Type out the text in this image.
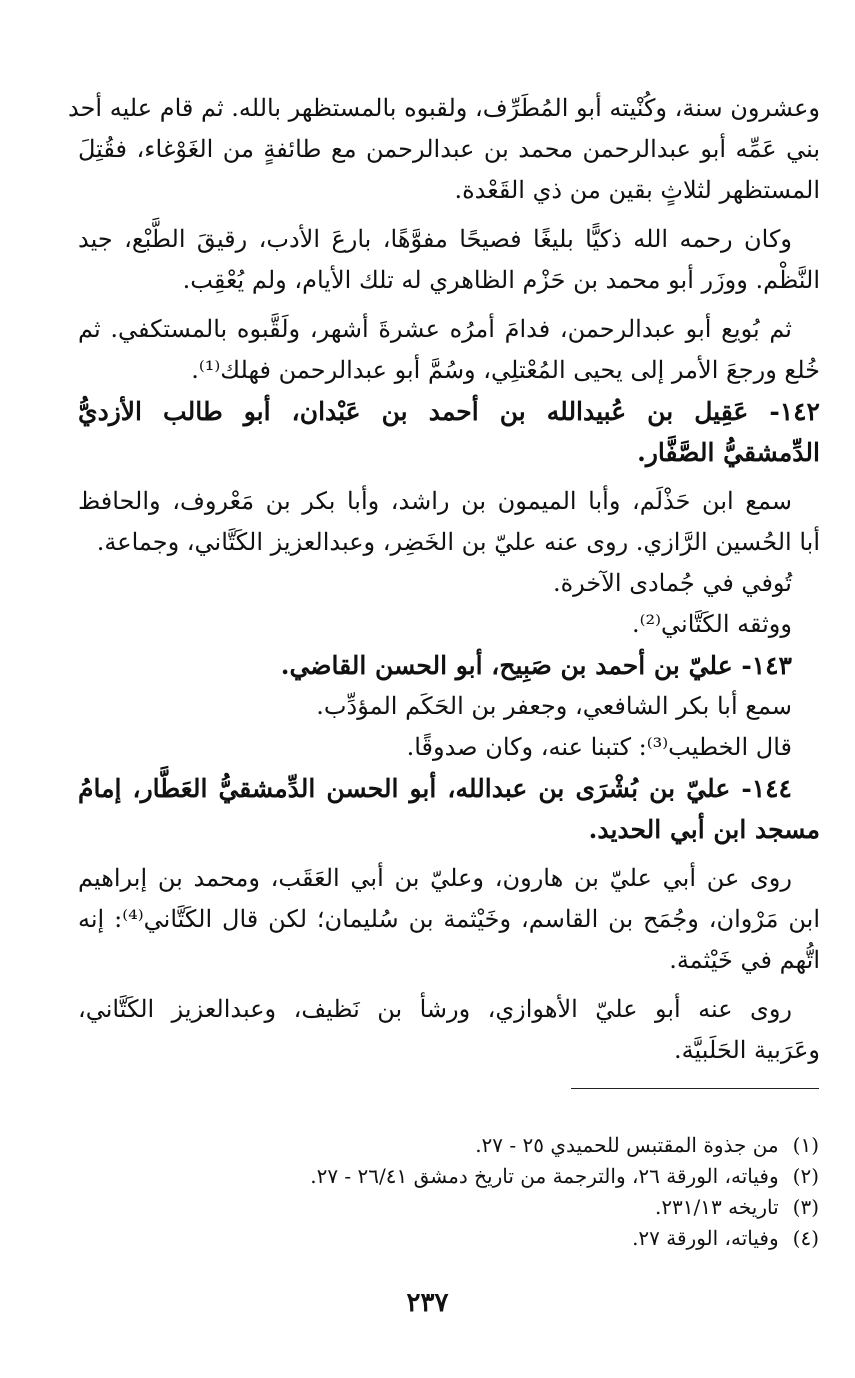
وعشرون سنة، وكُنْيته أبو المُطَرِّف، ولقبوه بالمستظهر بالله. ثم قام عليه أحد
بني عَمِّه أبو عبدالرحمن محمد بن عبدالرحمن مع طائفةٍ من الغَوْغاء، فقُتِلَ
المستظهر لثلاثٍ بقين من ذي القَعْدة.
وكان رحمه الله ذكيًّا بليغًا فصيحًا مفوَّهًا، بارعَ الأدب، رقيقَ الطَّبْع، جيد
النَّظْم. ووزَر أبو محمد بن حَزْم الظاهري له تلك الأيام، ولم يُعْقِب.
ثم بُويع أبو عبدالرحمن، فدامَ أمرُه عشرةَ أشهر، ولَقَّبوه بالمستكفي. ثم
خُلع ورجعَ الأمر إلى يحيى المُعْتلِي، وسُمَّ أبو عبدالرحمن فهلك⁽¹⁾.
١٤٢- عَقِيل بن عُبيدالله بن أحمد بن عَبْدان، أبو طالب الأزديُّ
الدِّمشقيُّ الصَّفَّار.
سمع ابن حَذْلَم، وأبا الميمون بن راشد، وأبا بكر بن مَعْروف، والحافظ
أبا الحُسين الرَّازي. روى عنه عليّ بن الخَضِر، وعبدالعزيز الكَتَّاني، وجماعة.
تُوفي في جُمادى الآخرة.
ووثقه الكَتَّاني⁽²⁾.
١٤٣- عليّ بن أحمد بن صَبِيح، أبو الحسن القاضي.
سمع أبا بكر الشافعي، وجعفر بن الحَكَم المؤدِّب.
قال الخطيب⁽³⁾: كتبنا عنه، وكان صدوقًا.
١٤٤- عليّ بن بُشْرَى بن عبدالله، أبو الحسن الدِّمشقيُّ العَطَّار، إمامُ
مسجد ابن أبي الحديد.
روى عن أبي عليّ بن هارون، وعليّ بن أبي العَقَب، ومحمد بن إبراهيم
ابن مَرْوان، وجُمَح بن القاسم، وخَيْثمة بن سُليمان؛ لكن قال الكَتَّاني⁽⁴⁾: إنه
اتُّهم في خَيْثمة.
روى عنه أبو عليّ الأهوازي، ورشأ بن نَظيف، وعبدالعزيز الكَتَّاني،
وعَرَبية الحَلَبيَّة.
(١) من جذوة المقتبس للحميدي ٢٥ - ٢٧.
(٢) وفياته، الورقة ٢٦، والترجمة من تاريخ دمشق ٢٦/٤١ - ٢٧.
(٣) تاريخه ٢٣١/١٣.
(٤) وفياته، الورقة ٢٧.
٢٣٧
